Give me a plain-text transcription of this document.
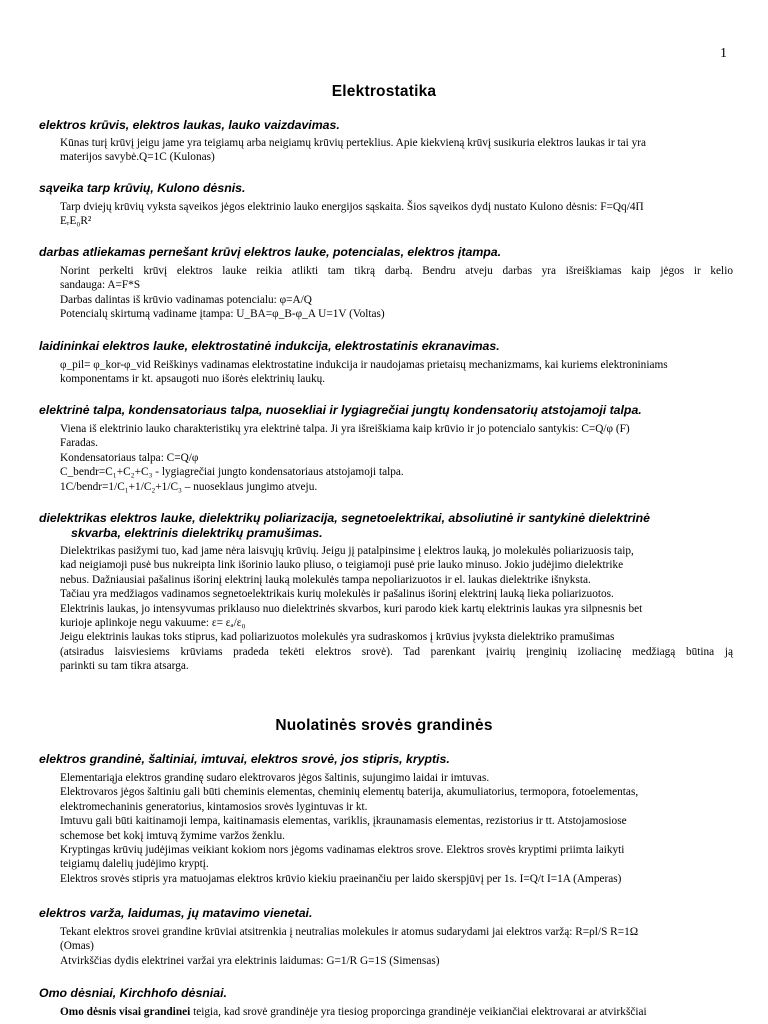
1
Elektrostatika
elektros krūvis, elektros laukas, lauko vaizdavimas.
Kūnas turį krūvį jeigu jame yra teigiamų arba neigiamų krūvių perteklius. Apie kiekvieną krūvį susikuria elektros laukas ir tai yra
materijos savybė.Q=1C (Kulonas)
sąveika tarp krūvių, Kulono dėsnis.
Tarp dviejų krūvių vyksta sąveikos jėgos elektrinio lauko energijos sąskaita. Šios sąveikos dydį nustato Kulono dėsnis: F=Qq/4Π
EᵣE₀R²
darbas atliekamas pernešant krūvį elektros lauke, potencialas, elektros įtampa.
Norint perkelti krūvį elektros lauke reikia atlikti tam tikrą darbą. Bendru atveju darbas yra išreiškiamas kaip jėgos ir kelio
sandauga: A=F*S
Darbas dalintas iš krūvio vadinamas potencialu: φ=A/Q
Potencialų skirtumą vadiname įtampa: U_BA=φ_B-φ_A U=1V (Voltas)
laidininkai elektros lauke, elektrostatinė indukcija, elektrostatinis ekranavimas.
φ_pil= φ_kor-φ_vid Reiškinys vadinamas elektrostatine indukcija ir naudojamas prietaisų mechanizmams, kai kuriems elektroniniams
komponentams ir kt. apsaugoti nuo išorės elektrinių laukų.
elektrinė talpa, kondensatoriaus talpa, nuosekliai ir lygiagrečiai jungtų kondensatorių atstojamoji talpa.
Viena iš elektrinio lauko charakteristikų yra elektrinė talpa. Ji yra išreiškiama kaip krūvio ir jo potencialo santykis: C=Q/φ (F)
Faradas.
Kondensatoriaus talpa: C=Q/φ
C_bendr=C₁+C₂+C₃ - lygiagrečiai jungto kondensatoriaus atstojamoji talpa.
1C/bendr=1/C₁+1/C₂+1/C₃ – nuoseklaus jungimo atveju.
dielektrikas elektros lauke, dielektrikų poliarizacija, segnetoelektrikai, absoliutinė ir santykinė dielektrinė
skvarba, elektrinis dielektrikų pramušimas.
Dielektrikas pasižymi tuo, kad jame nėra laisvųjų krūvių. Jeigu jį patalpinsime į elektros lauką, jo molekulės poliarizuosis taip,
kad neigiamoji pusė bus nukreipta link išorinio lauko pliuso, o teigiamoji pusė prie lauko minuso. Jokio judėjimo dielektrike
nebus. Dažniausiai pašalinus išorinį elektrinį lauką molekulės tampa nepoliarizuotos ir el. laukas dielektrike išnyksta.
Tačiau yra medžiagos vadinamos segnetoelektrikais kurių molekulės ir pašalinus išorinį elektrinį lauką lieka poliarizuotos.
Elektrinis laukas, jo intensyvumas priklauso nuo dielektrinės skvarbos, kuri parodo kiek kartų elektrinis laukas yra silpnesnis bet
kurioje aplinkoje negu vakuume: ε= εₐ/ε₀
Jeigu elektrinis laukas toks stiprus, kad poliarizuotos molekulės yra sudraskomos į krūvius įvyksta dielektriko pramušimas
(atsiradus laisviesiems krūviams pradeda tekėti elektros srovė). Tad parenkant įvairių įrenginių izoliacinę medžiagą būtina ją
parinkti su tam tikra atsarga.
Nuolatinės srovės grandinės
elektros grandinė, šaltiniai, imtuvai, elektros srovė, jos stipris, kryptis.
Elementariąja elektros grandinę sudaro elektrovaros jėgos šaltinis, sujungimo laidai ir imtuvas.
Elektrovaros jėgos šaltiniu gali būti cheminis elementas, cheminių elementų baterija, akumuliatorius, termopora, fotoelementas,
elektromechaninis generatorius, kintamosios srovės lygintuvas ir kt.
Imtuvu gali būti kaitinamoji lempa, kaitinamasis elementas, variklis, įkraunamasis elementas, rezistorius ir tt. Atstojamosiose
schemose bet kokį imtuvą žymime varžos ženklu.
Kryptingas krūvių judėjimas veikiant kokiom nors jėgoms vadinamas elektros srove. Elektros srovės kryptimi priimta laikyti
teigiamų dalelių judėjimo kryptį.
Elektros srovės stipris yra matuojamas elektros krūvio kiekiu praeinančiu per laido skerspjūvį per 1s. I=Q/t I=1A (Amperas)
elektros varža, laidumas, jų matavimo vienetai.
Tekant elektros srovei grandine krūviai atsitrenkia į neutralias molekules ir atomus sudarydami jai elektros varžą: R=ρl/S R=1Ω
(Omas)
Atvirkščias dydis elektrinei varžai yra elektrinis laidumas: G=1/R G=1S (Simensas)
Omo dėsniai, Kirchhofo dėsniai.
Omo dėsnis visai grandinei teigia, kad srovė grandinėje yra tiesiog proporcinga grandinėje veikiančiai elektrovarai ar atvirkščiai
